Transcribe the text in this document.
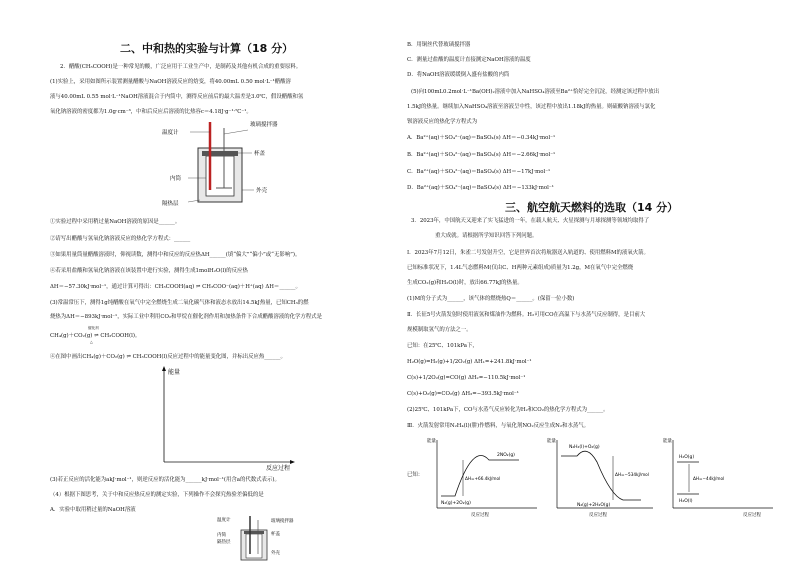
二、中和热的实验与计算（18 分）
2．醋酸(CH₃COOH)是一种常见的酸，广泛应用于工业生产中，是制药及其他有机合成的重要原料。
(1)实验上，采用如图所示装置测量醋酸与NaOH溶液反应的焓变，将40.00mL 0.50 mol·L⁻¹醋酸溶
液与40.00mL 0.55 mol·L⁻¹NaOH溶液混合于内筒中，测得反应前后的最大温差是3.0℃，假设醋酸和氢
氧化钠溶液的密度都为1.0g·cm⁻³，中和后反应后溶液的比热容c＝4.18J·g⁻¹·℃⁻¹。
温度计
玻璃搅拌器
杯盖
内筒
外壳
隔热层
①实验过程中采用稍过量NaOH溶液的原因是______。
②请写出醋酸与氢氧化钠溶液反应的热化学方程式：______
③如果用量筒量醋酸溶液时，仰视读数，测得中和反应的反应热ΔH______(填“偏大”“偏小”或“无影响”)。
④若采用盐酸和氢氧化钠溶液在该装置中进行实验，测得生成1molH₂O(l)的反应热
ΔH＝−57.30kJ·mol⁻¹，通过计算可得出：CH₃COOH(aq) ⇌ CH₃COO⁻(aq)＋H⁺(aq) ΔH＝______。
(3)常温常压下，测得1g纯醋酸在氧气中完全燃烧生成二氧化碳气体和液态水放出14.5kJ热量，已知CH₃的燃
烧热为ΔH＝−893kJ·mol⁻¹，实际工业中利用CO₂和甲烷在催化剂作用和加热条件下合成醋酸溶液的化学方程式是
CH₄(g)＋CO₂(g) ⇌ CH₃COOH(l)。
催化剂
△
④在图中画出CH₄(g)＋CO₂(g) ⇌ CH₃COOH(l)反应过程中的能量变化图，并标出反应热______。
能量
反应过程
(3)若正反应的活化能为akJ·mol⁻¹，则逆反应的活化能为______kJ·mol⁻¹(用含a的代数式表示)。
（4）根据下图思考，关于中和反应热反应的测定实验，下列操作不会探究热验差偏低的是
A．实验中取用稍过量的NaOH溶液
温度计	玻璃搅拌器
内筒
隔热层
杯盖
外壳
B．用铜丝代替玻璃搅拌器
C．测量过盐酸的温度计直接测定NaOH溶液的温度
D．将NaOH溶液缓缓倒入盛有盐酸的内筒
(5)向100mL0.2mol·L⁻¹Ba(OH)₂溶液中加入NaHSO₄溶液至Ba²⁺恰好完全沉淀，经测定该过程中放出
1.5kJ的热量。继续加入NaHSO₄溶液至溶液呈中性，该过程中放出1.18kJ的热量。则硫酸钠溶液与氯化
钡溶液反应的热化学方程式为
A．Ba²⁺(aq)＋SO₄²⁻(aq)＝BaSO₄(s) ΔH＝−0.34kJ·mol⁻¹
B．Ba²⁺(aq)＋SO₄²⁻(aq)＝BaSO₄(s) ΔH＝−2.66kJ·mol⁻¹
C．Ba²⁺(aq)＋SO₄²⁻(aq)＝BaSO₄(s) ΔH＝−17kJ·mol⁻¹
D．Ba²⁺(aq)＋SO₄²⁻(aq)＝BaSO₄(s) ΔH＝−133kJ·mol⁻¹
三、航空航天燃料的选取（14 分）
3．2023年，中国航天又迎来了实飞猛进的一年，在载人航天、火星探测与月球探测等领域均取得了
重大成就。请根据所学知识回答下列问题。
Ⅰ．2023年7月12日，朱雀二号发射升空，它是世界首次将航器送入轨道的、使用燃料M的液氧火箭。
已知标准状况下，1.4L气态燃料M(仅由C、H两种元素组成)质量为1.2g，M在氧气中完全燃烧
生成CO₂(g)和H₂O(l)时，放出66.77kJ的热量。
(1)M的分子式为______，该气体的燃烧热Q＝______。(保留一位小数)
Ⅱ．长征5号火箭发射时使用液氢和煤油作为燃料。H₂可用CO在高温下与水蒸气反应制得，是目前大
规模制取氢气的方法之一。
已知：在25℃、101kPa下，
H₂O(g)=H₂(g)+1/2O₂(g) ΔH₁=+241.8kJ·mol⁻¹
C(s)+1/2O₂(g)=CO(g) ΔH₂=−110.5kJ·mol⁻¹
C(s)+O₂(g)=CO₂(g) ΔH₃=−393.5kJ·mol⁻¹
(2)25℃、101kPa下，CO与水蒸气反应转化为H₂和CO₂的热化学方程式为______。
Ⅲ．火箭发射常用N₂H₄(l)(肼)作燃料，与氧化剂NO₂反应生成N₂和水蒸气。
已知：
能量
反应过程
2NO₂(g)
N₂(g)+2O₂(g)
ΔH=+66.4kJ/mol
能量
反应过程
N₂H₄(l)+O₂(g)
N₂(g)+2H₂O(g)
ΔH=−534kJ/mol
能量
反应过程
H₂O(g)
H₂O(l)
ΔH=−44kJ/mol
